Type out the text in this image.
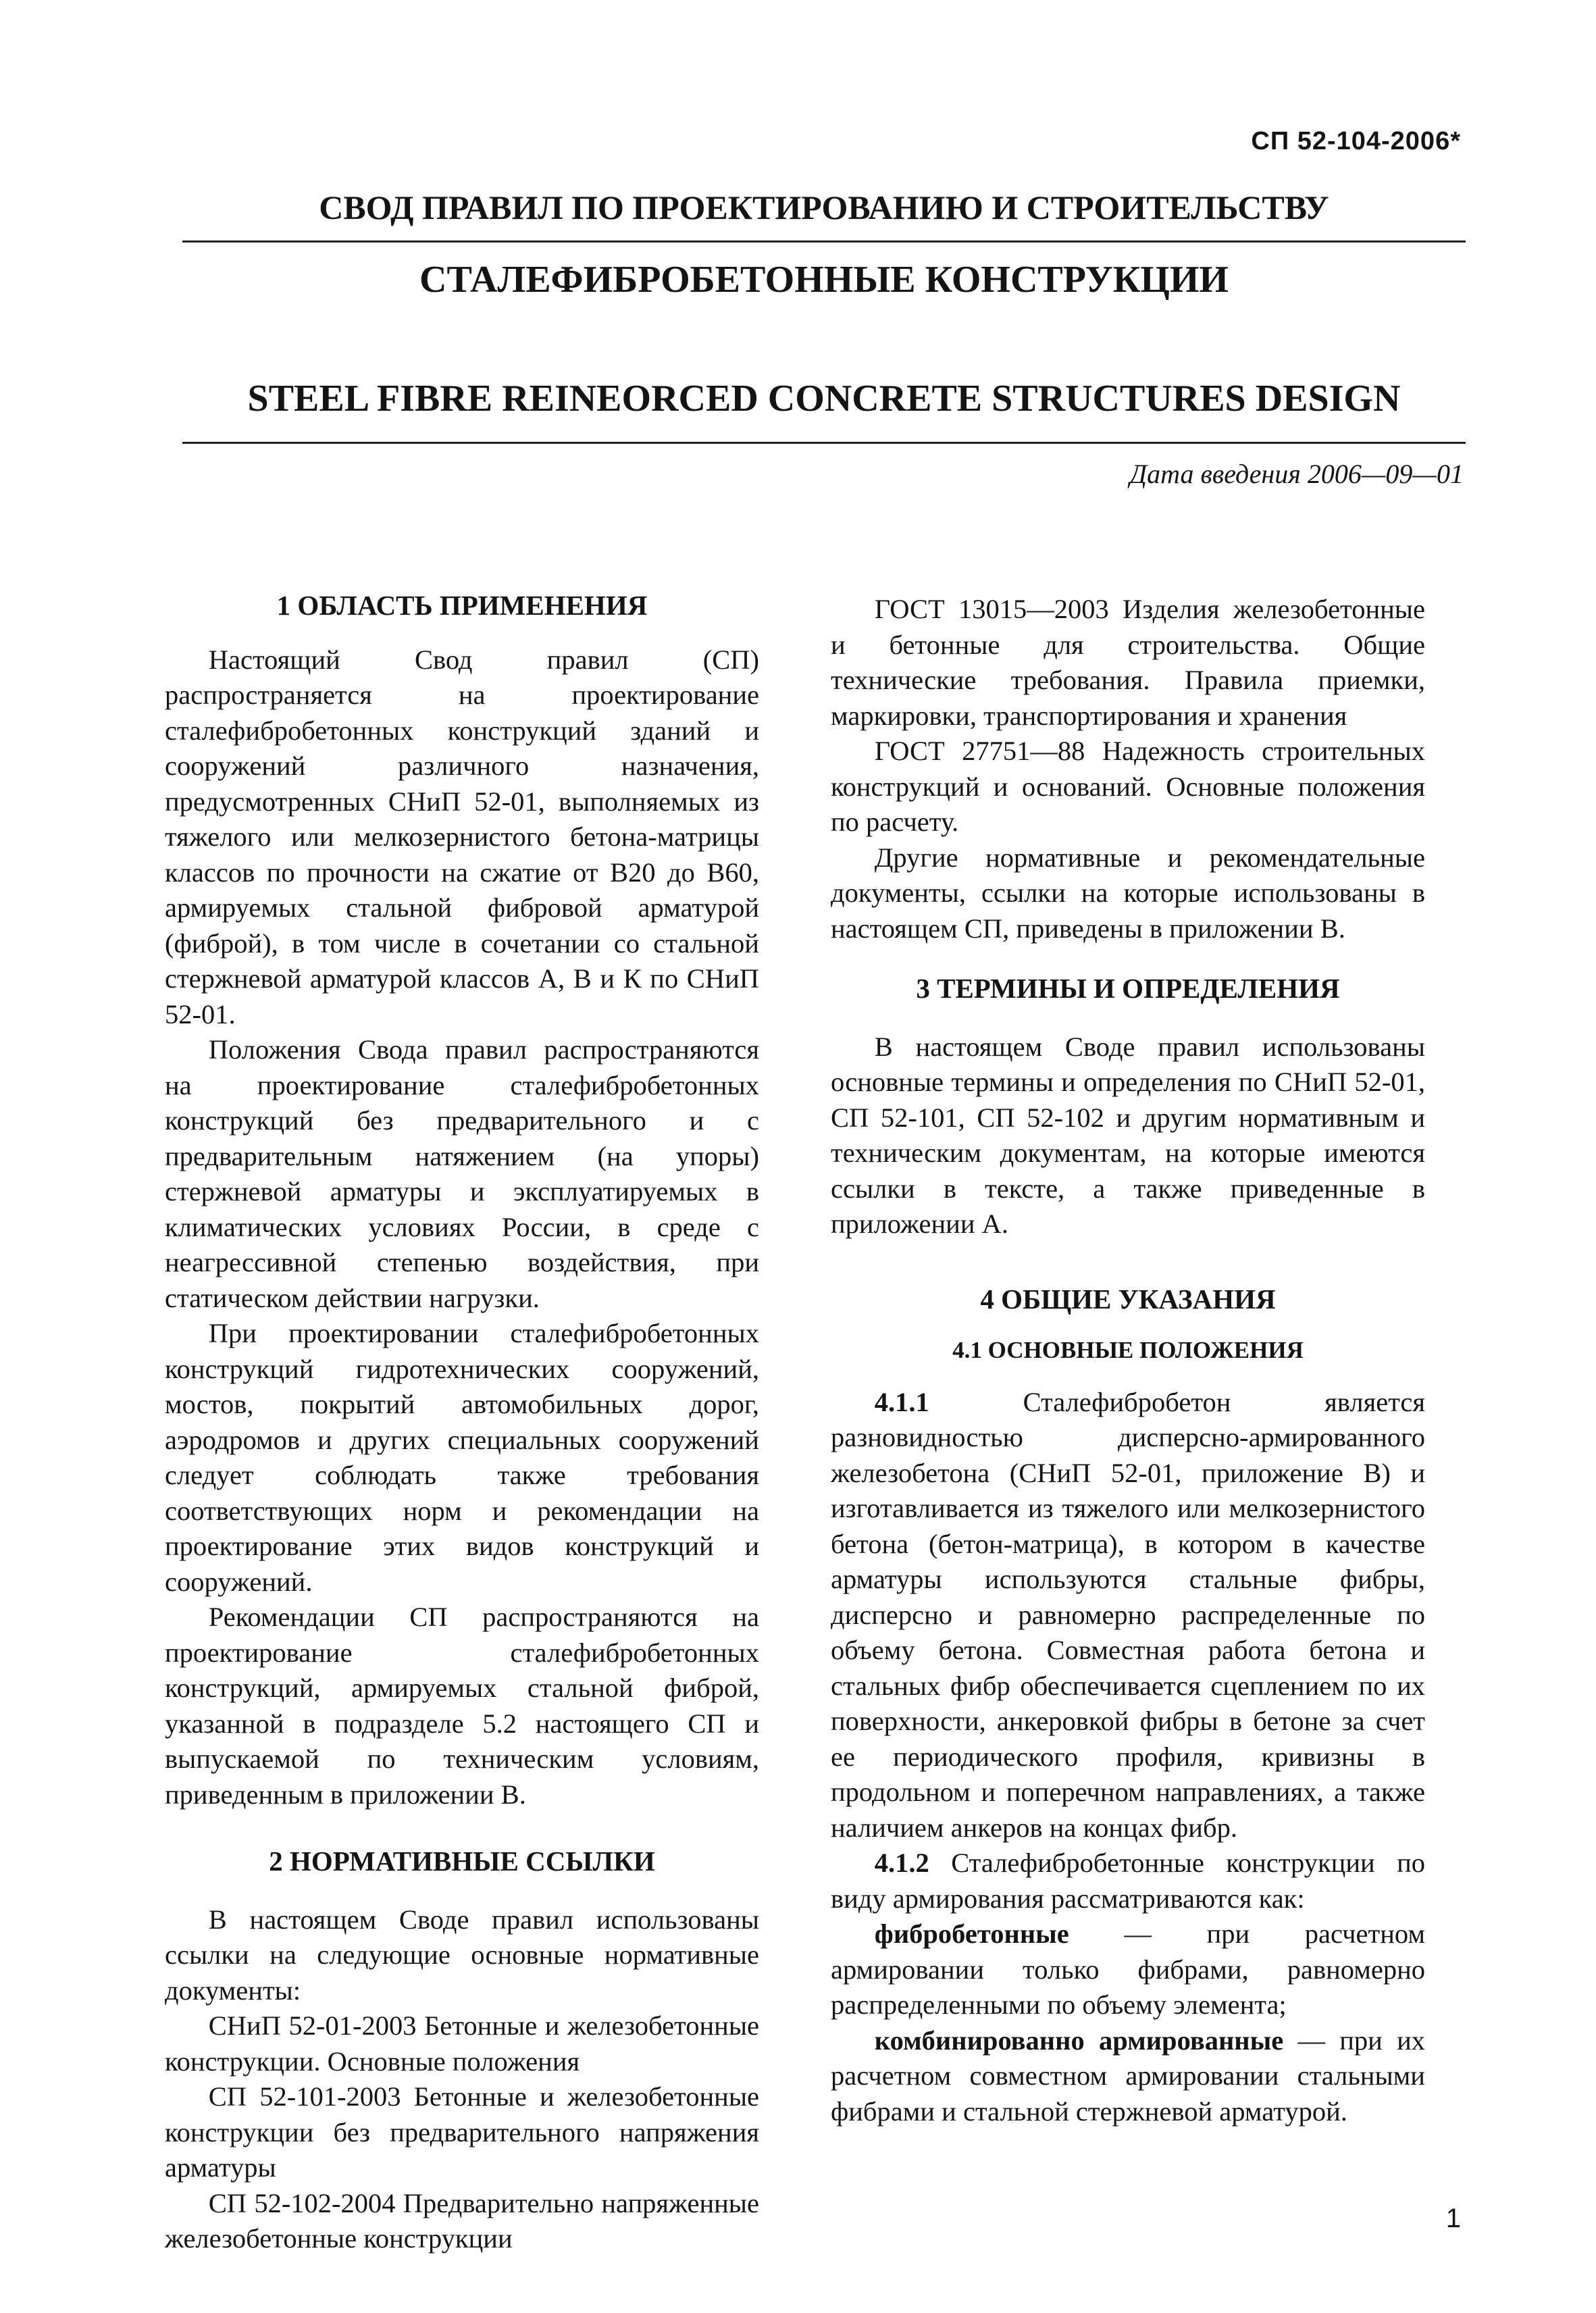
СП 52-104-2006*
СВОД ПРАВИЛ ПО ПРОЕКТИРОВАНИЮ И СТРОИТЕЛЬСТВУ
СТАЛЕФИБРОБЕТОННЫЕ КОНСТРУКЦИИ
STEEL FIBRE REINEORCED CONCRETE STRUCTURES DESIGN
Дата введения 2006—09—01
1 ОБЛАСТЬ ПРИМЕНЕНИЯ

Настоящий Свод правил (СП) распространяется на проектирование сталефибробетонных конструкций зданий и сооружений различного назначения, предусмотренных СНиП 52-01, выполняемых из тяжелого или мелкозернистого бетона-матрицы классов по прочности на сжатие от В20 до В60, армируемых стальной фибровой арматурой (фиброй), в том числе в сочетании со стальной стержневой арматурой классов А, В и К по СНиП 52-01.

Положения Свода правил распространяются на проектирование сталефибробетонных конструкций без предварительного и с предварительным натяжением (на упоры) стержневой арматуры и эксплуатируемых в климатических условиях России, в среде с неагрессивной степенью воздействия, при статическом действии нагрузки.

При проектировании сталефибробетонных конструкций гидротехнических сооружений, мостов, покрытий автомобильных дорог, аэродромов и других специальных сооружений следует соблюдать также требования соответствующих норм и рекомендации на проектирование этих видов конструкций и сооружений.

Рекомендации СП распространяются на проектирование сталефибробетонных конструкций, армируемых стальной фиброй, указанной в подразделе 5.2 настоящего СП и выпускаемой по техническим условиям, приведенным в приложении В.

2 НОРМАТИВНЫЕ ССЫЛКИ

В настоящем Своде правил использованы ссылки на следующие основные нормативные документы:

СНиП 52-01-2003 Бетонные и железобетонные конструкции. Основные положения

СП 52-101-2003 Бетонные и железобетонные конструкции без предварительного напряжения арматуры

СП 52-102-2004 Предварительно напряженные железобетонные конструкции

ГОСТ 13015—2003 Изделия железобетонные и бетонные для строительства. Общие технические требования. Правила приемки, маркировки, транспортирования и хранения

ГОСТ 27751—88 Надежность строительных конструкций и оснований. Основные положения по расчету.

Другие нормативные и рекомендательные документы, ссылки на которые использованы в настоящем СП, приведены в приложении В.

3 ТЕРМИНЫ И ОПРЕДЕЛЕНИЯ

В настоящем Своде правил использованы основные термины и определения по СНиП 52-01, СП 52-101, СП 52-102 и другим нормативным и техническим документам, на которые имеются ссылки в тексте, а также приведенные в приложении А.

4 ОБЩИЕ УКАЗАНИЯ
4.1 ОСНОВНЫЕ ПОЛОЖЕНИЯ

4.1.1	Сталефибробетон является разновидностью дисперсно-армированного железобетона (СНиП 52-01, приложение В) и изготавливается из тяжелого или мелкозернистого бетона (бетон-матрица), в котором в качестве арматуры используются стальные фибры, дисперсно и равномерно распределенные по объему бетона. Совместная работа бетона и стальных фибр обеспечивается сцеплением по их поверхности, анкеровкой фибры в бетоне за счет ее периодического профиля, кривизны в продольном и поперечном направлениях, а также наличием анкеров на концах фибр.

4.1.2 Сталефибробетонные конструкции по виду армирования рассматриваются как:

фибробетонные — при расчетном армировании только фибрами, равномерно распределенными по объему элемента;

комбинированно армированные — при их расчетном совместном армировании стальными фибрами и стальной стержневой арматурой.

1
